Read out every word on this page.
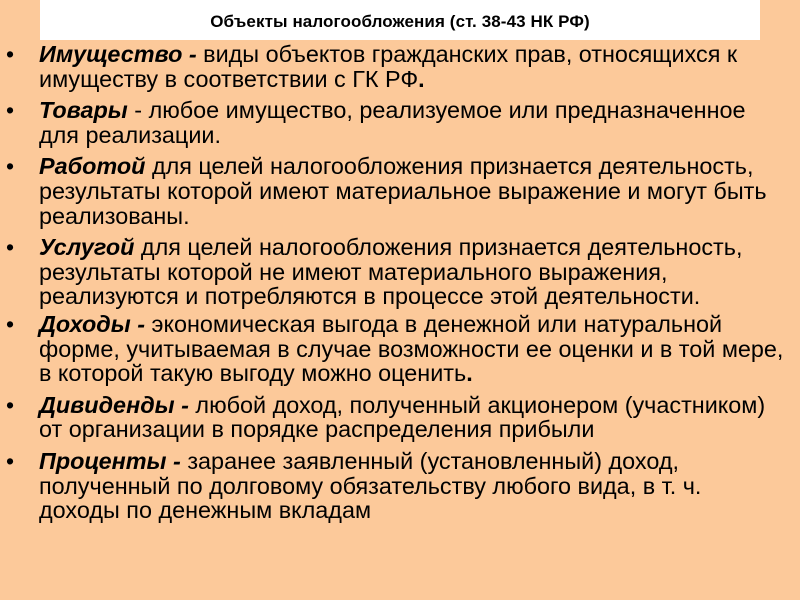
Объекты налогообложения (ст. 38-43 НК РФ)
• Имущество - виды объектов гражданских прав, относящихся к имуществу в соответствии с ГК РФ.
• Товары - любое имущество, реализуемое или предназначенное для реализации.
• Работой для целей налогообложения признается деятельность, результаты которой имеют материальное выражение и могут быть реализованы.
• Услугой для целей налогообложения признается деятельность, результаты которой не имеют материального выражения, реализуются и потребляются в процессе этой деятельности.
• Доходы - экономическая выгода в денежной или натуральной форме, учитываемая в случае возможности ее оценки и в той мере, в которой такую выгоду можно оценить.
• Дивиденды - любой доход, полученный акционером (участником) от организации в порядке распределения прибыли
• Проценты - заранее заявленный (установленный) доход, полученный по долговому обязательству любого вида, в т. ч. доходы по денежным вкладам
